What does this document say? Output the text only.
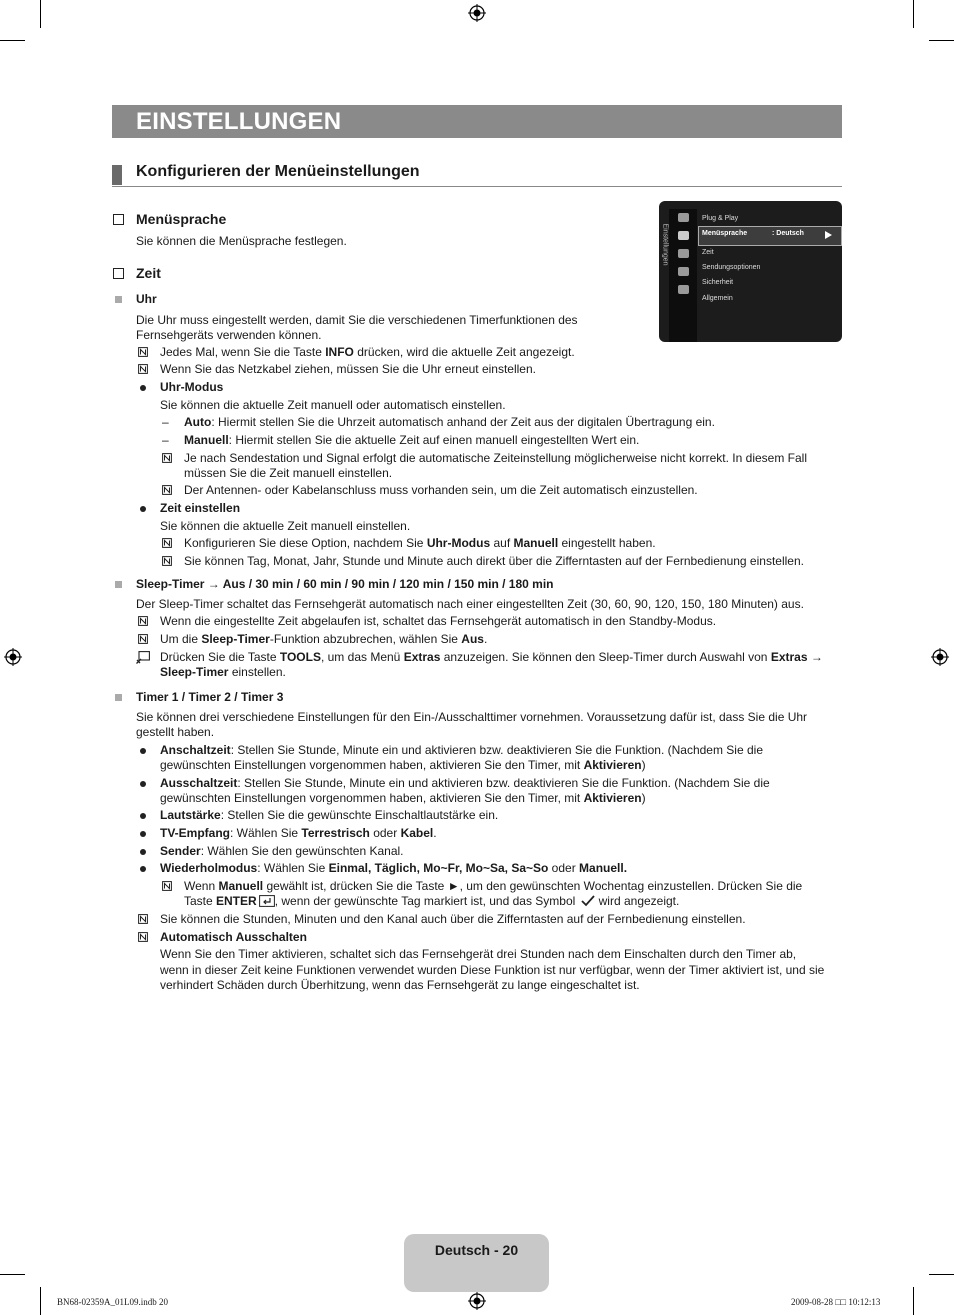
EINSTELLUNGEN
Konfigurieren der Menüeinstellungen
Einstellungen
Plug & Play
Menüsprache	: Deutsch
Zeit
Sendungsoptionen
Sicherheit
Allgemein
Menüsprache
Sie können die Menüsprache festlegen.
Zeit
Uhr
Die Uhr muss eingestellt werden, damit Sie die verschiedenen Timerfunktionen des
Fernsehgeräts verwenden können.
Jedes Mal, wenn Sie die Taste INFO drücken, wird die aktuelle Zeit angezeigt.
Wenn Sie das Netzkabel ziehen, müssen Sie die Uhr erneut einstellen.
Uhr-Modus
Sie können die aktuelle Zeit manuell oder automatisch einstellen.
– Auto: Hiermit stellen Sie die Uhrzeit automatisch anhand der Zeit aus der digitalen Übertragung ein.
– Manuell: Hiermit stellen Sie die aktuelle Zeit auf einen manuell eingestellten Wert ein.
Je nach Sendestation und Signal erfolgt die automatische Zeiteinstellung möglicherweise nicht korrekt. In diesem Fall
müssen Sie die Zeit manuell einstellen.
Der Antennen- oder Kabelanschluss muss vorhanden sein, um die Zeit automatisch einzustellen.
Zeit einstellen
Sie können die aktuelle Zeit manuell einstellen.
Konfigurieren Sie diese Option, nachdem Sie Uhr-Modus auf Manuell eingestellt haben.
Sie können Tag, Monat, Jahr, Stunde und Minute auch direkt über die Zifferntasten auf der Fernbedienung einstellen.
Sleep-Timer → Aus / 30 min / 60 min / 90 min / 120 min / 150 min / 180 min
Der Sleep-Timer schaltet das Fernsehgerät automatisch nach einer eingestellten Zeit (30, 60, 90, 120, 150, 180 Minuten) aus.
Wenn die eingestellte Zeit abgelaufen ist, schaltet das Fernsehgerät automatisch in den Standby-Modus.
Um die Sleep-Timer-Funktion abzubrechen, wählen Sie Aus.
Drücken Sie die Taste TOOLS, um das Menü Extras anzuzeigen. Sie können den Sleep-Timer durch Auswahl von Extras →
Sleep-Timer einstellen.
Timer 1 / Timer 2 / Timer 3
Sie können drei verschiedene Einstellungen für den Ein-/Ausschalttimer vornehmen. Voraussetzung dafür ist, dass Sie die Uhr
gestellt haben.
Anschaltzeit: Stellen Sie Stunde, Minute ein und aktivieren bzw. deaktivieren Sie die Funktion. (Nachdem Sie die
gewünschten Einstellungen vorgenommen haben, aktivieren Sie den Timer, mit Aktivieren)
Ausschaltzeit: Stellen Sie Stunde, Minute ein und aktivieren bzw. deaktivieren Sie die Funktion. (Nachdem Sie die
gewünschten Einstellungen vorgenommen haben, aktivieren Sie den Timer, mit Aktivieren)
Lautstärke: Stellen Sie die gewünschte Einschaltlautstärke ein.
TV-Empfang: Wählen Sie Terrestrisch oder Kabel.
Sender: Wählen Sie den gewünschten Kanal.
Wiederholmodus: Wählen Sie Einmal, Täglich, Mo~Fr, Mo~Sa, Sa~So oder Manuell.
Wenn Manuell gewählt ist, drücken Sie die Taste ►, um den gewünschten Wochentag einzustellen. Drücken Sie die
Taste ENTER , wenn der gewünschte Tag markiert ist, und das Symbol wird angezeigt.
Sie können die Stunden, Minuten und den Kanal auch über die Zifferntasten auf der Fernbedienung einstellen.
Automatisch Ausschalten
Wenn Sie den Timer aktivieren, schaltet sich das Fernsehgerät drei Stunden nach dem Einschalten durch den Timer ab,
wenn in dieser Zeit keine Funktionen verwendet wurden Diese Funktion ist nur verfügbar, wenn der Timer aktiviert ist, und sie
verhindert Schäden durch Überhitzung, wenn das Fernsehgerät zu lange eingeschaltet ist.
Deutsch - 20
BN68-02359A_01L09.indb 20	2009-08-28 □□ 10:12:13
